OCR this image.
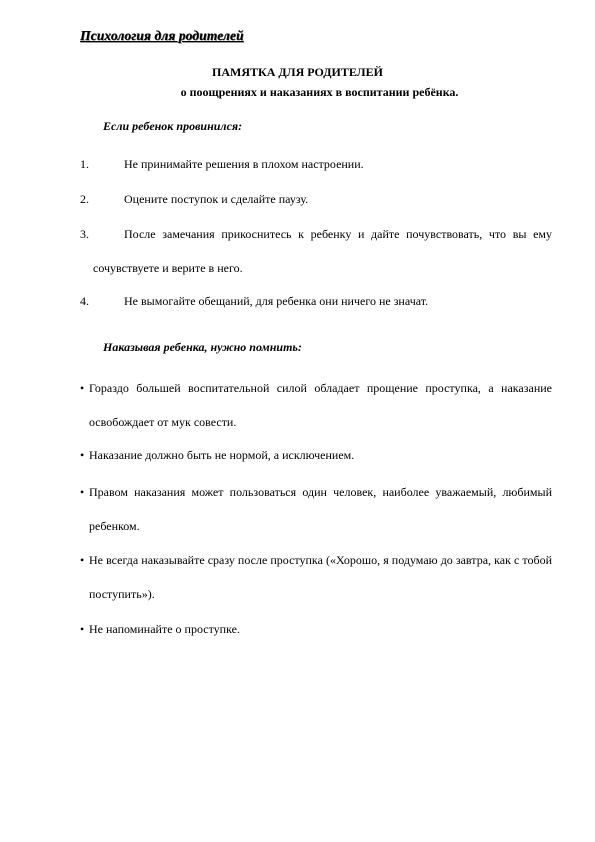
Психология для родителей
ПАМЯТКА ДЛЯ РОДИТЕЛЕЙ
о поощрениях и наказаниях в воспитании ребёнка.
Если ребенок провинился:
1.	Не принимайте решения в плохом настроении.
2.	Оцените поступок и сделайте паузу.
3.	После замечания прикоснитесь к ребенку и дайте почувствовать, что вы ему сочувствуете и верите в него.
4.	Не вымогайте обещаний, для ребенка они ничего не значат.
Наказывая ребенка, нужно помнить:
• Гораздо большей воспитательной силой обладает прощение проступка, а наказание освобождает от мук совести.
• Наказание должно быть не нормой, а исключением.
• Правом наказания может пользоваться один человек, наиболее уважаемый, любимый ребенком.
• Не всегда наказывайте сразу после проступка («Хорошо, я подумаю до завтра, как с тобой поступить»).
• Не напоминайте о проступке.
